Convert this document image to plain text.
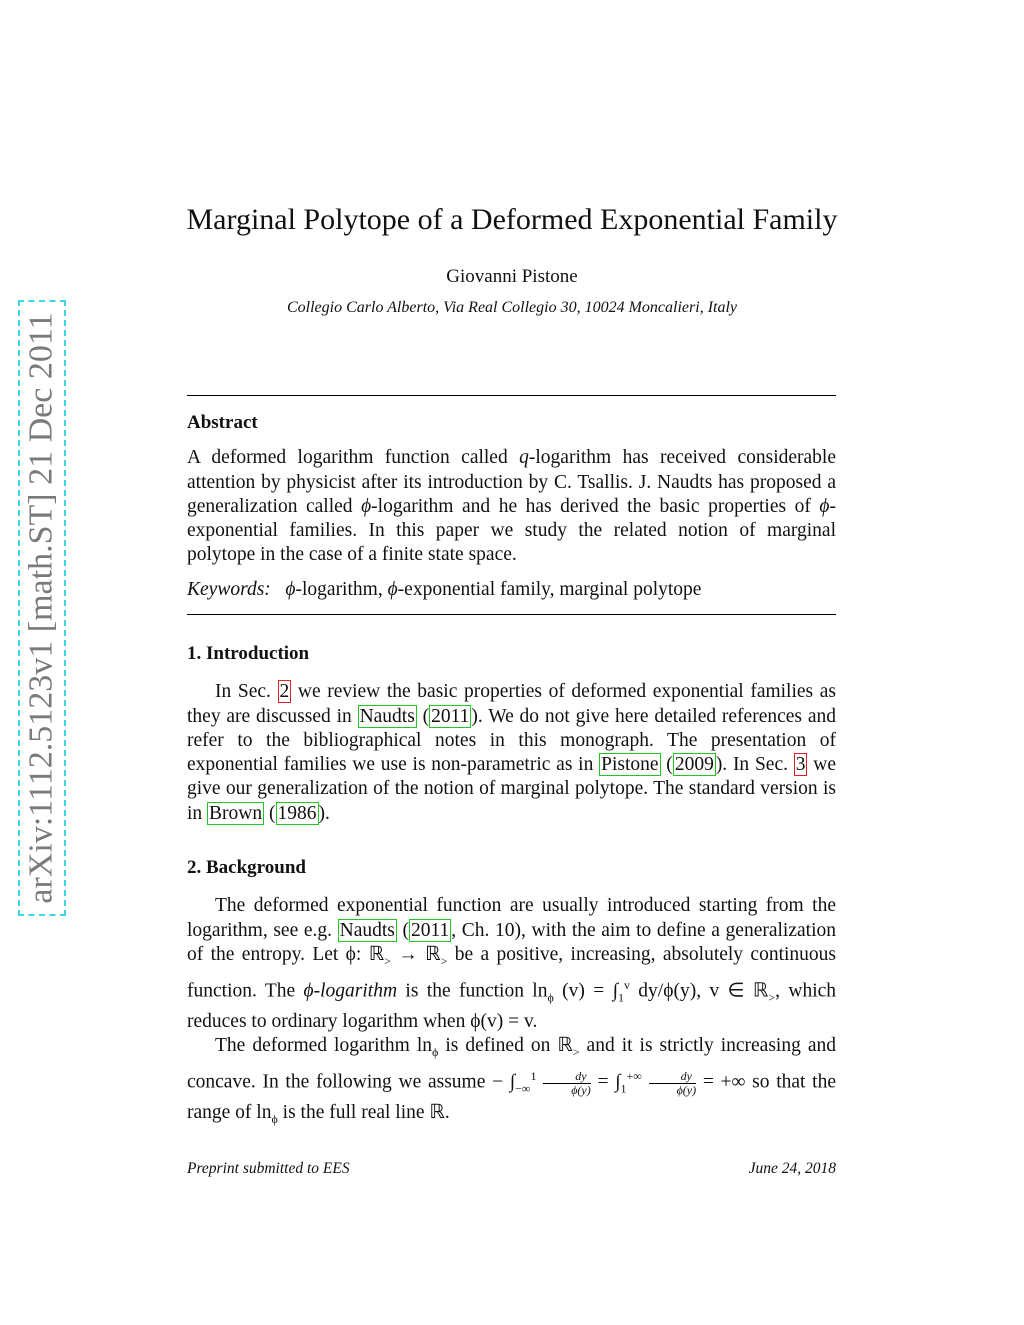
arXiv:1112.5123v1 [math.ST] 21 Dec 2011
Marginal Polytope of a Deformed Exponential Family
Giovanni Pistone
Collegio Carlo Alberto, Via Real Collegio 30, 10024 Moncalieri, Italy
Abstract

A deformed logarithm function called q-logarithm has received considerable attention by physicist after its introduction by C. Tsallis. J. Naudts has proposed a generalization called ϕ-logarithm and he has derived the basic properties of ϕ-exponential families. In this paper we study the related notion of marginal polytope in the case of a finite state space.

Keywords: ϕ-logarithm, ϕ-exponential family, marginal polytope

1. Introduction

In Sec. 2 we review the basic properties of deformed exponential families as they are discussed in Naudts ( 2011 ). We do not give here detailed references and refer to the bibliographical notes in this monograph. The presentation of exponential families we use is non-parametric as in Pistone ( 2009 ). In Sec. 3 we give our generalization of the notion of marginal polytope. The standard version is in Brown ( 1986 ).

2. Background

The deformed exponential function are usually introduced starting from the logarithm, see e.g. Naudts ( 2011 , Ch. 10), with the aim to define a generalization of the entropy. Let ϕ: ℝ$_>$ → ℝ$_>$ be a positive, increasing, absolutely continuous function. The ϕ-logarithm is the function $\ln_\phi (v) = \int_1^v$ dy/ϕ(y), v ∈ ℝ$_>$, which reduces to ordinary logarithm when ϕ(v) = v.

The deformed logarithm $\ln_\phi$ is defined on ℝ$_>$ and it is strictly increasing and concave. In the following we assume − $\int_{-\infty}^1 \frac{dy}{\phi(y)} = \int_1^{+\infty} \frac{dy}{\phi(y)}$ = +∞ so that the range of $\ln_\phi$ is the full real line ℝ.

Preprint submitted to EES	June 24, 2018
